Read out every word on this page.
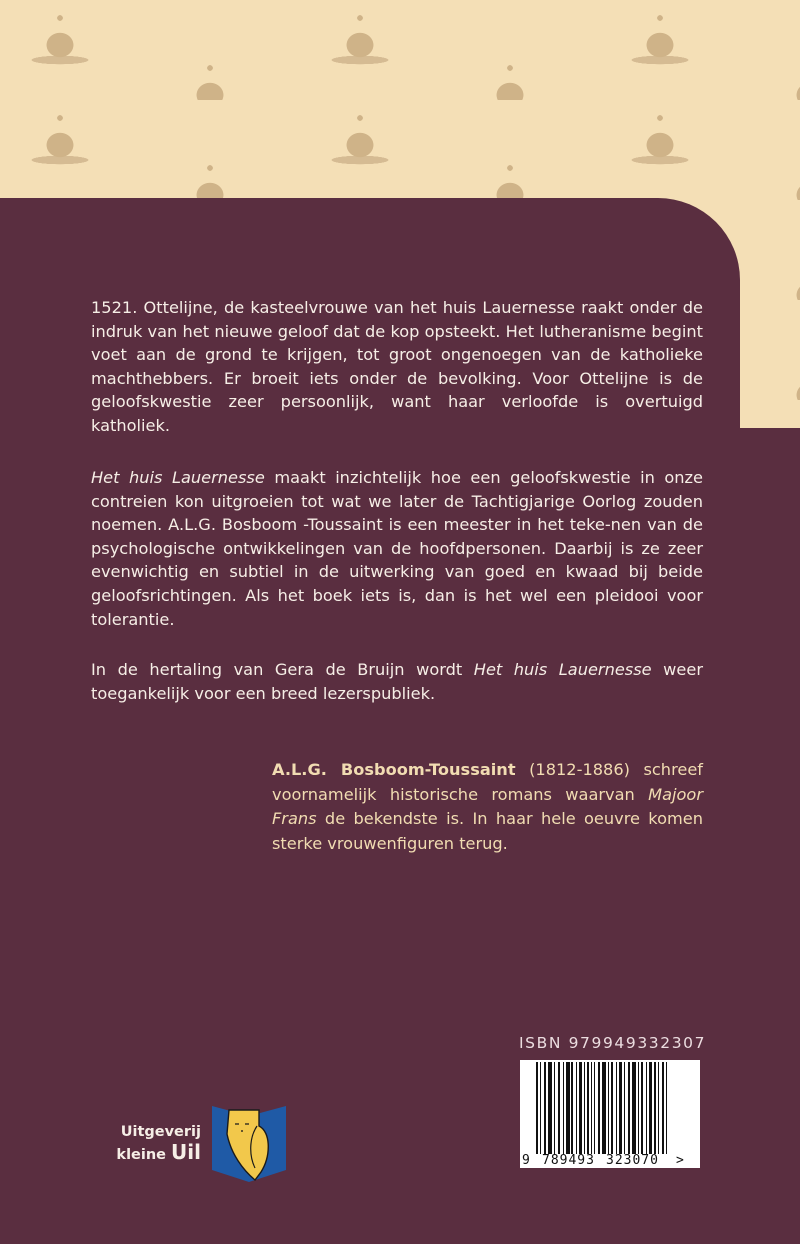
1521. Ottelijne, de kasteelvrouwe van het huis Lauernesse raakt onder de indruk van het nieuwe geloof dat de kop opsteekt. Het lutheranisme begint voet aan de grond te krijgen, tot groot ongenoegen van de katholieke machthebbers. Er broeit iets onder de bevolking. Voor Ottelijne is de geloofskwestie zeer persoonlijk, want haar verloofde is overtuigd katholiek.

Het huis Lauernesse maakt inzichtelijk hoe een geloofskwestie in onze contreien kon uitgroeien tot wat we later de Tachtigjarige Oorlog zouden noemen. A.L.G. Bosboom -Toussaint is een meester in het teke-nen van de psychologische ontwikkelingen van de hoofdpersonen. Daarbij is ze zeer evenwichtig en subtiel in de uitwerking van goed en kwaad bij beide geloofsrichtingen. Als het boek iets is, dan is het wel een pleidooi voor tolerantie.

In de hertaling van Gera de Bruijn wordt Het huis Lauernesse weer toegankelijk voor een breed lezerspubliek.

A.L.G. Bosboom-Toussaint (1812-1886) schreef voornamelijk historische romans waarvan Majoor Frans de bekendste is. In haar hele oeuvre komen sterke vrouwenfiguren terug.
ISBN 979949332307
9 789493 323070 >
Uitgeverij
kleine Uil
